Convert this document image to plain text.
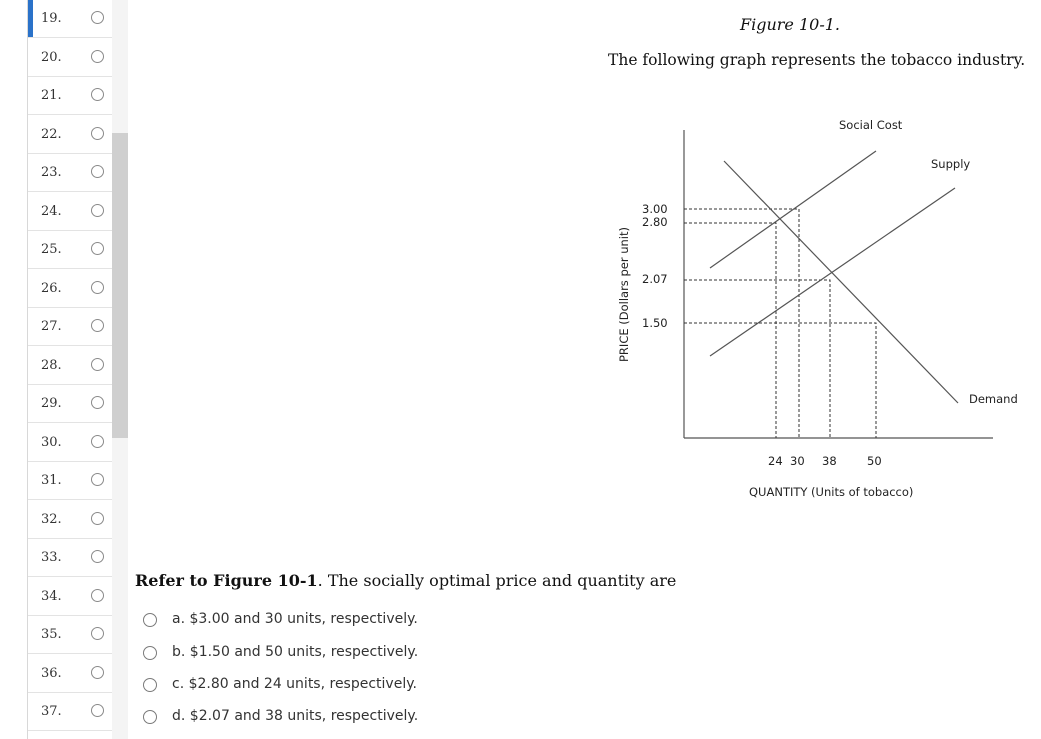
19.
20.
21.
22.
23.
24.
25.
26.
27.
28.
29.
30.
31.
32.
33.
34.
35.
36.
37.
Figure 10-1.
The following graph represents the tobacco industry.
3.00
2.80
2.07
1.50
24 30 38	50
Social Cost
Supply
Demand
QUANTITY (Units of tobacco)
PRICE (Dollars per unit)
Refer to Figure 10-1. The socially optimal price and quantity are
a. $3.00 and 30 units, respectively.
b. $1.50 and 50 units, respectively.
c. $2.80 and 24 units, respectively.
d. $2.07 and 38 units, respectively.
